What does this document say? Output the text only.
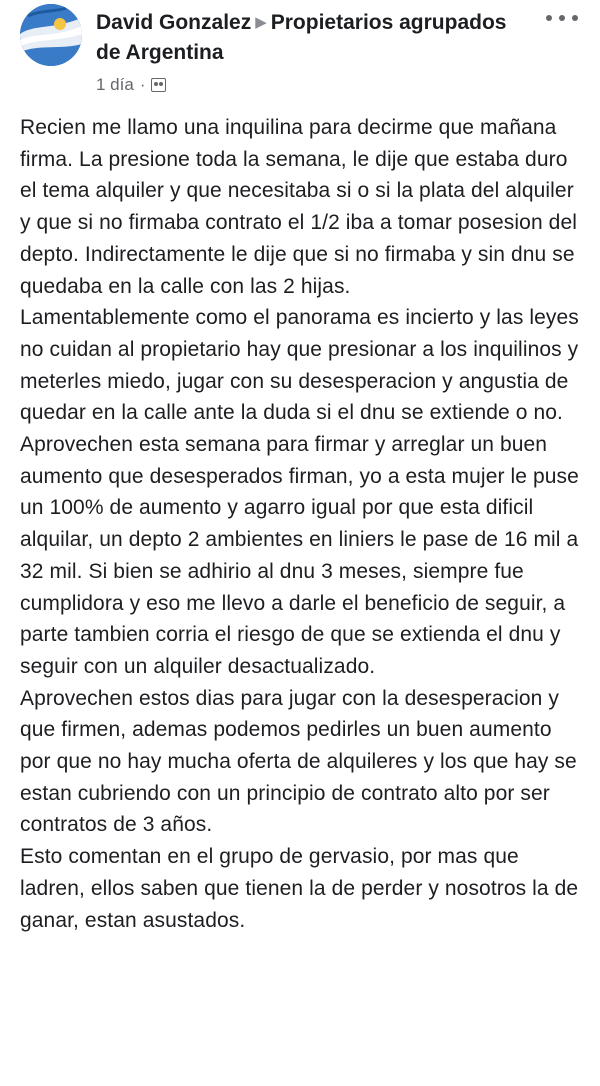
David Gonzalez ▶ Propietarios agrupados de Argentina
1 día ·

Recien me llamo una inquilina para decirme que mañana firma. La presione toda la semana, le dije que estaba duro el tema alquiler y que necesitaba si o si la plata del alquiler y que si no firmaba contrato el 1/2 iba a tomar posesion del depto. Indirectamente le dije que si no firmaba y sin dnu se quedaba en la calle con las 2 hijas.

Lamentablemente como el panorama es incierto y las leyes no cuidan al propietario hay que presionar a los inquilinos y meterles miedo, jugar con su desesperacion y angustia de quedar en la calle ante la duda si el dnu se extiende o no.

Aprovechen esta semana para firmar y arreglar un buen aumento que desesperados firman, yo a esta mujer le puse un 100% de aumento y agarro igual por que esta dificil alquilar, un depto 2 ambientes en liniers le pase de 16 mil a 32 mil. Si bien se adhirio al dnu 3 meses, siempre fue cumplidora y eso me llevo a darle el beneficio de seguir, a parte tambien corria el riesgo de que se extienda el dnu y seguir con un alquiler desactualizado.

Aprovechen estos dias para jugar con la desesperacion y que firmen, ademas podemos pedirles un buen aumento por que no hay mucha oferta de alquileres y los que hay se estan cubriendo con un principio de contrato alto por ser contratos de 3 años.

Esto comentan en el grupo de gervasio, por mas que ladren, ellos saben que tienen la de perder y nosotros la de ganar, estan asustados.
